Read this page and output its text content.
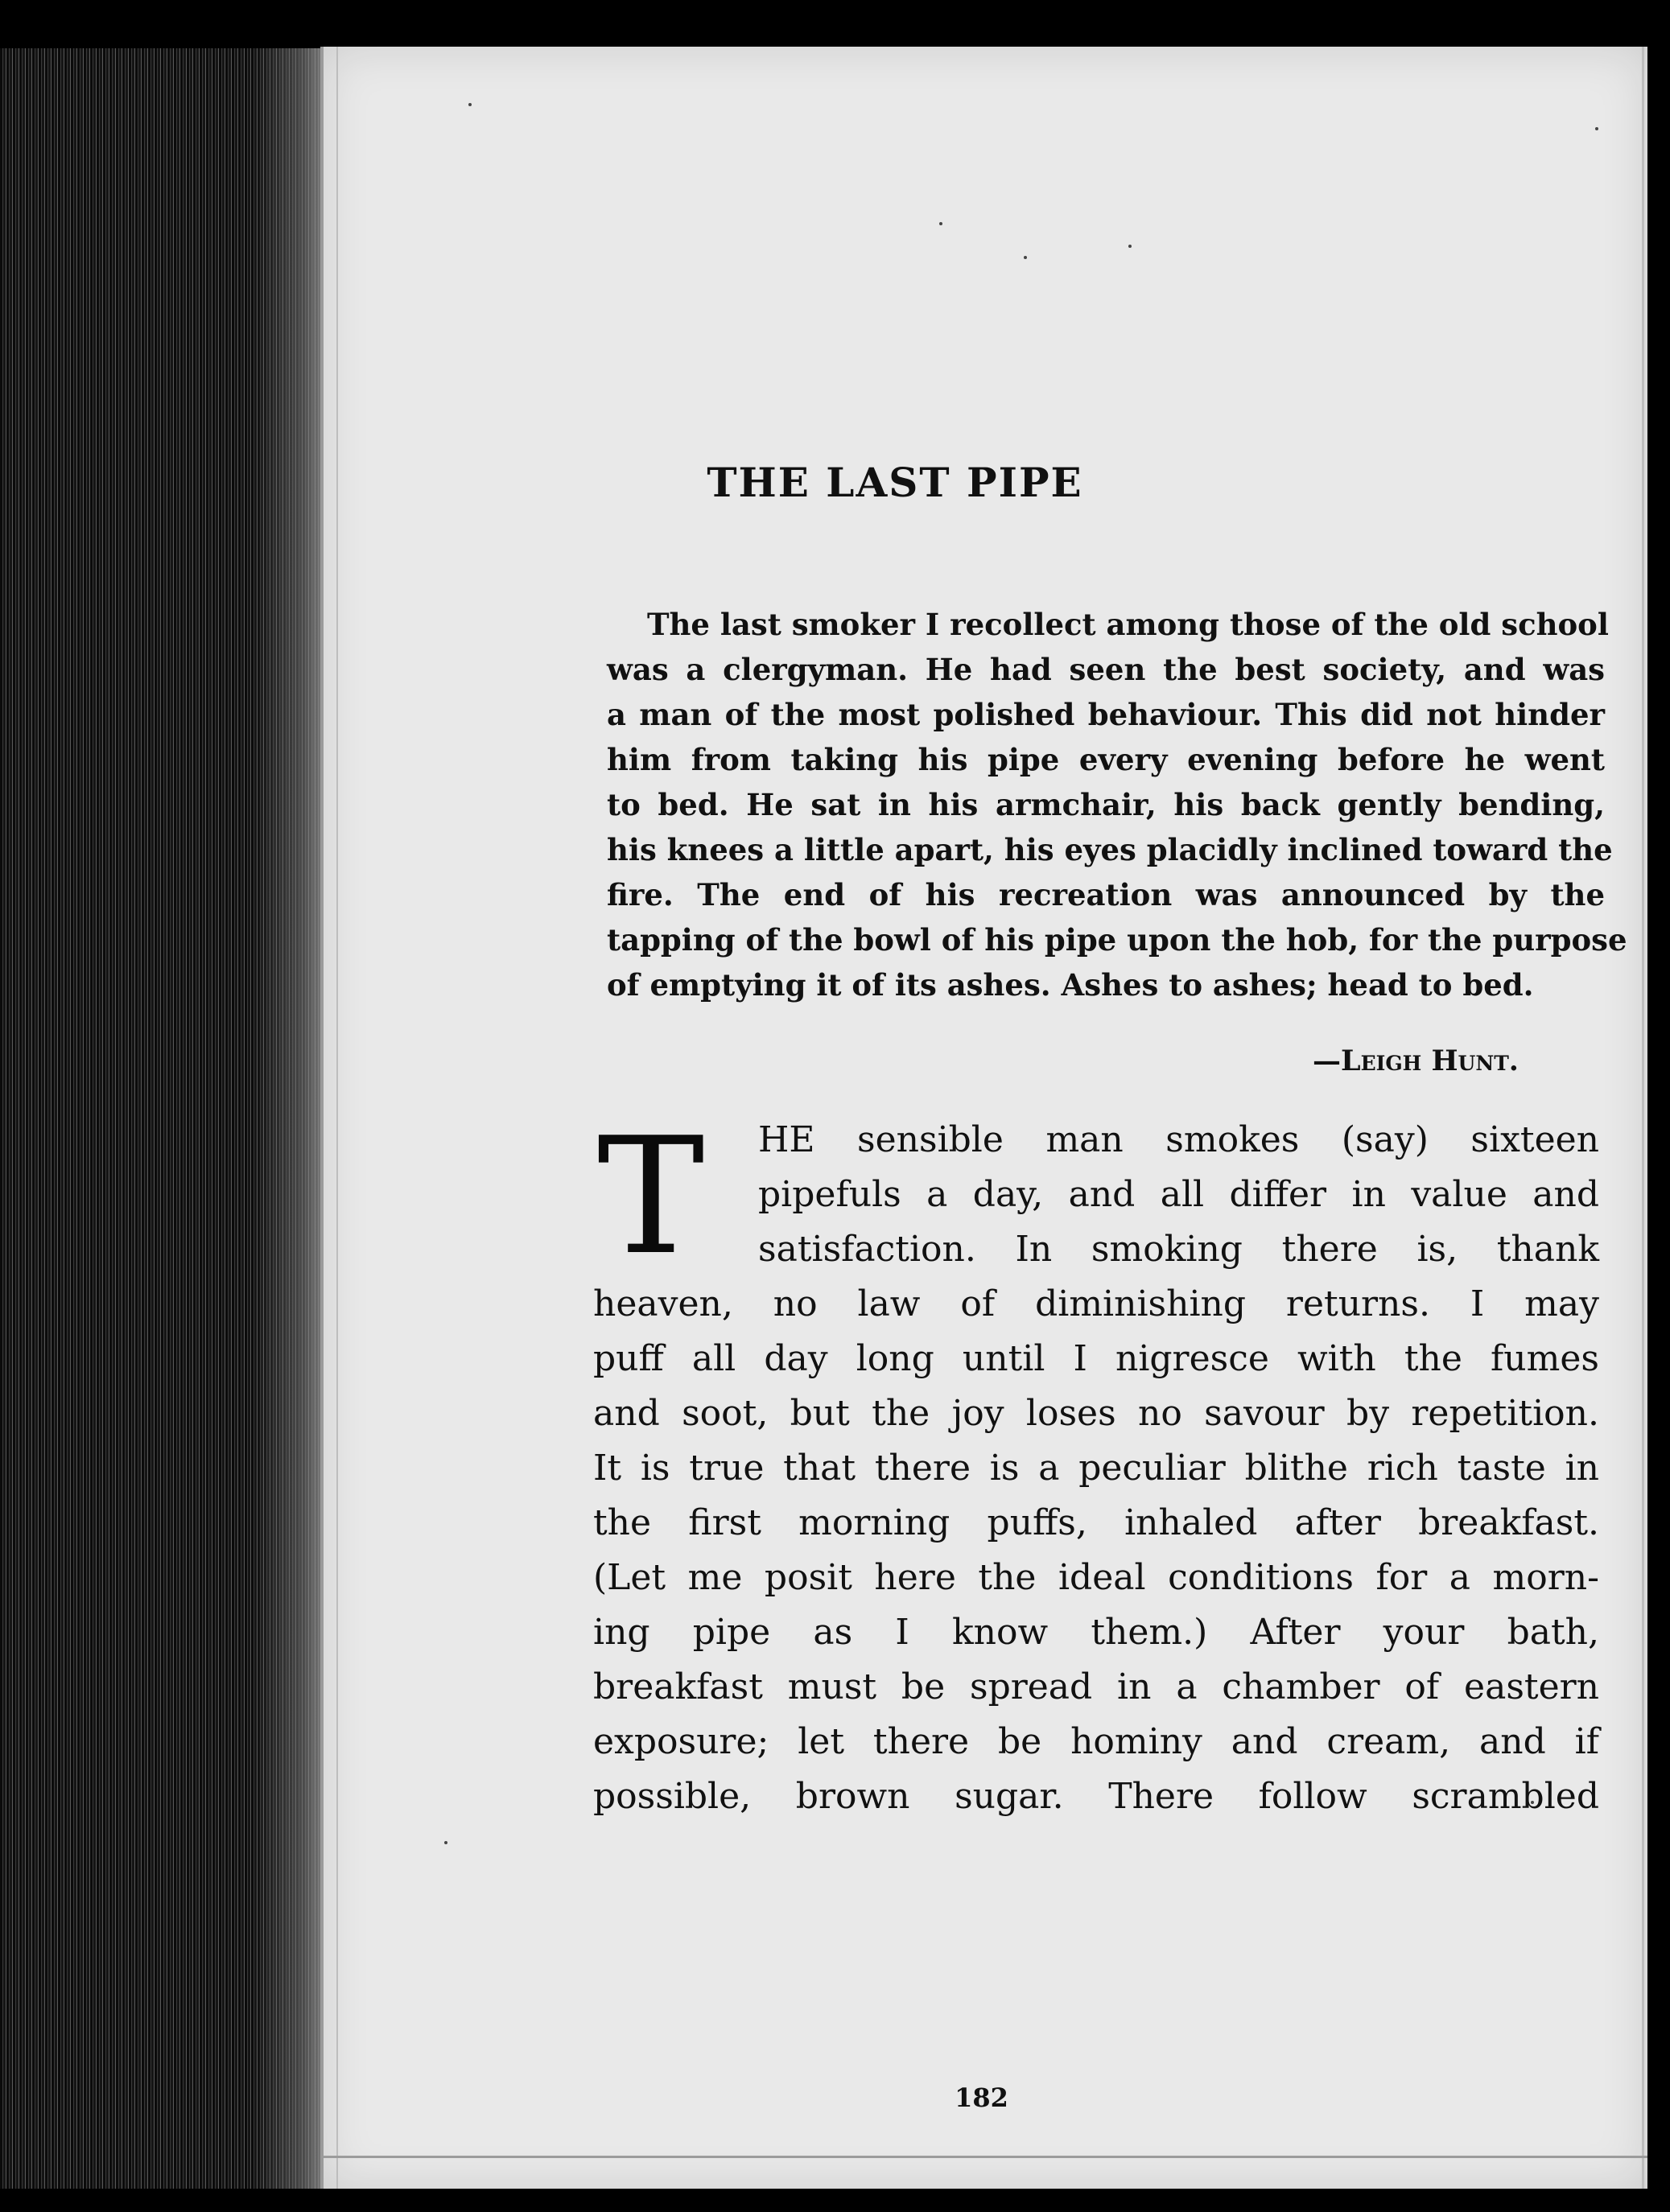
THE LAST PIPE
The last smoker I recollect among those of the old school
was a clergyman. He had seen the best society, and was
a man of the most polished behaviour. This did not hinder
him from taking his pipe every evening before he went
to bed. He sat in his armchair, his back gently bending,
his knees a little apart, his eyes placidly inclined toward the
fire. The end of his recreation was announced by the
tapping of the bowl of his pipe upon the hob, for the purpose
of emptying it of its ashes. Ashes to ashes; head to bed.
—Leigh Hunt.
T	HE sensible man smokes (say) sixteen
pipefuls a day, and all differ in value and
satisfaction. In smoking there is, thank
heaven, no law of diminishing returns. I may
puff all day long until I nigresce with the fumes
and soot, but the joy loses no savour by repetition.
It is true that there is a peculiar blithe rich taste in
the first morning puffs, inhaled after breakfast.
(Let me posit here the ideal conditions for a morn-
ing pipe as I know them.) After your bath,
breakfast must be spread in a chamber of eastern
exposure; let there be hominy and cream, and if
possible, brown sugar. There follow scrambled
182
